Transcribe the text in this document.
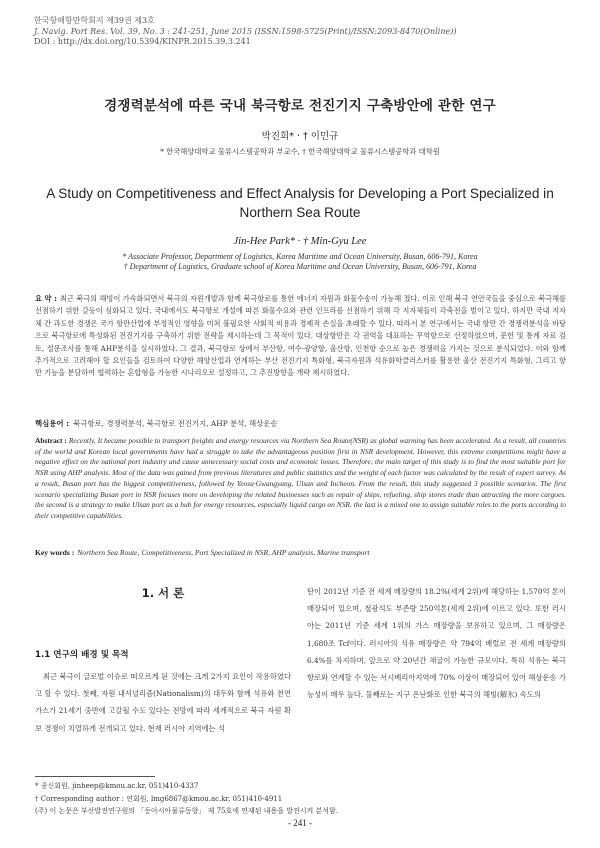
한국항해항만학회지 제39권 제3호
J. Navig. Port Res. Vol. 39, No. 3 : 241-251, June 2015 (ISSN:1598-5725(Print)/ISSN:2093-8470(Online))
DOI : http://dx.doi.org/10.5394/KINPR.2015.39.3.241
경쟁력분석에 따른 국내 북극항로 전진기지 구축방안에 관한 연구
박진희* · † 이민규
* 한국해양대학교 물류시스템공학과 부교수, † 한국해양대학교 물류시스템공학과 대학원
A Study on Competitiveness and Effect Analysis for Developing a Port Specialized in
Northern Sea Route
Jin-Hee Park* · † Min-Gyu Lee
* Associate Professor, Department of Logistics, Korea Maritime and Ocean University, Busan, 606-791, Korea
† Department of Logistics, Graduate school of Korea Maritime and Ocean University, Busan, 606-791, Korea
요 약 : 최근 북극의 해빙이 가속화되면서 북극의 자원개발과 함께 북극항로를 통한 에너지 자원과 화물수송이 가능해 졌다. 이로 인해 북극 연안국들을 중심으로 북극해를 선점하기 위한 갈등이 심화되고 있다. 국내에서도 북극항로 개설에 따른 화물수요와 관련 인프라를 선점하기 위해 각 지자체들이 각축전을 벌이고 있다. 하지만 국내 지자체 간 과도한 경쟁은 국가 항만산업에 부정적인 영향을 미쳐 불필요한 사회적 비용과 경제적 손실을 초래할 수 있다. 따라서 본 연구에서는 국내 항만 간 경쟁력분석을 바탕으로 북극항로에 특성화된 전진기지를 구축하기 위한 전략을 제시하는데 그 목적이 있다. 대상항만은 각 권역을 대표하는 무역항으로 선정하였으며, 문헌 및 통계 자료 검토, 설문조사를 통해 AHP분석을 실시하였다. 그 결과, 북극항로 상에서 부산항, 여수·광양항, 울산항, 인천항 순으로 높은 경쟁력을 가지는 것으로 분석되었다. 이와 함께 추가적으로 고려해야 할 요인들을 검토하여 다양한 해양산업과 연계하는 부산 전진기지 특화형, 북극자원과 석유화학클러스터를 활용한 울산 전진기지 특화형, 그리고 항만 기능을 분담하여 협력하는 혼합형을 가능한 시나리오로 설정하고, 그 추진방향을 개략 제시하였다.
핵심용어 : 북극항로, 경쟁력분석, 북극항로 전진기지, AHP 분석, 해상운송
Abstract : Recently, It became possible to transport freights and energy resources via Northern Sea Route(NSR) as global warming has been accelerated. As a result, all countries of the world and Korean local governments have had a struggle to take the advantageous position first in NSR development. However, this extreme competitions might have a negative effect on the national port industry and cause unnecessary social costs and economic losses. Therefore, the main target of this study is to find the most suitable port for NSR using AHP analysis. Most of the data was gained from previous literatures and public statistics and the weight of each factor was calculated by the result of expert survey. As a result, Busan port has the biggest competitiveness, followed by Yeosu·Gwangyang, Ulsan and Incheon. From the result, this study suggested 3 possible scenarios. The first scenario specializing Busan port in NSR focuses more on developing the related businesses such as repair of ships, refueling, ship stores trade than attracting the more cargoes. the second is a strategy to make Ulsan port as a hub for energy resources, especially liquid cargo on NSR. the last is a mixed one to assign suitable roles to the ports according to their competitive capabilities.
Key words : Northern Sea Route, Competitiveness, Port Specialized in NSR, AHP analysis, Marine transport
1. 서 론
1.1 연구의 배경 및 목적

최근 북극이 글로벌 이슈로 떠오르게 된 것에는 크게 2가지 요인이 작용하였다고 할 수 있다. 첫째, 자원 내셔널리즘(Nationalism)의 대두와 함께 석유와 천연가스가 21세기 중반에 고갈될 수도 있다는 전망에 따라 세계적으로 북극 자원 확보 경쟁이 치열하게 전개되고 있다. 현재 러시아 지역에는 석

탄이 2012년 기준 전 세계 매장량의 18.2%(세계 2위)에 해당하는 1,570억 톤이 매장되어 있으며, 철광석도 부존량 250억톤(세계 2위)에 이르고 있다. 또한 러시아는 2011년 기준 세계 1위의 가스 매장량을 보유하고 있으며, 그 매장량은 1,680조 Tcf이다. 러시아의 석유 매장량은 약 794억 배럴로 전 세계 매장량의 6.4%를 차지하며, 앞으로 약 20년간 채굴이 가능한 규모이다. 특히 석유는 북극항로와 연계할 수 있는 서시베리아지역에 70% 이상이 매장되어 있어 해상운송 가능성이 매우 높다. 둘째로는 지구 온난화로 인한 북극의 해빙(解氷) 속도의

* 종신회원, jinheep@kmou.ac.kr, 051)410-4337
† Corresponding author : 연회원, lmg6867@kmou.ac.kr, 051)410-4911
(주) 이 논문은 부산발전연구원의 「동아시아물류동향」 제 75호에 연재된 내용을 발전시켜 분석함.
- 241 -
